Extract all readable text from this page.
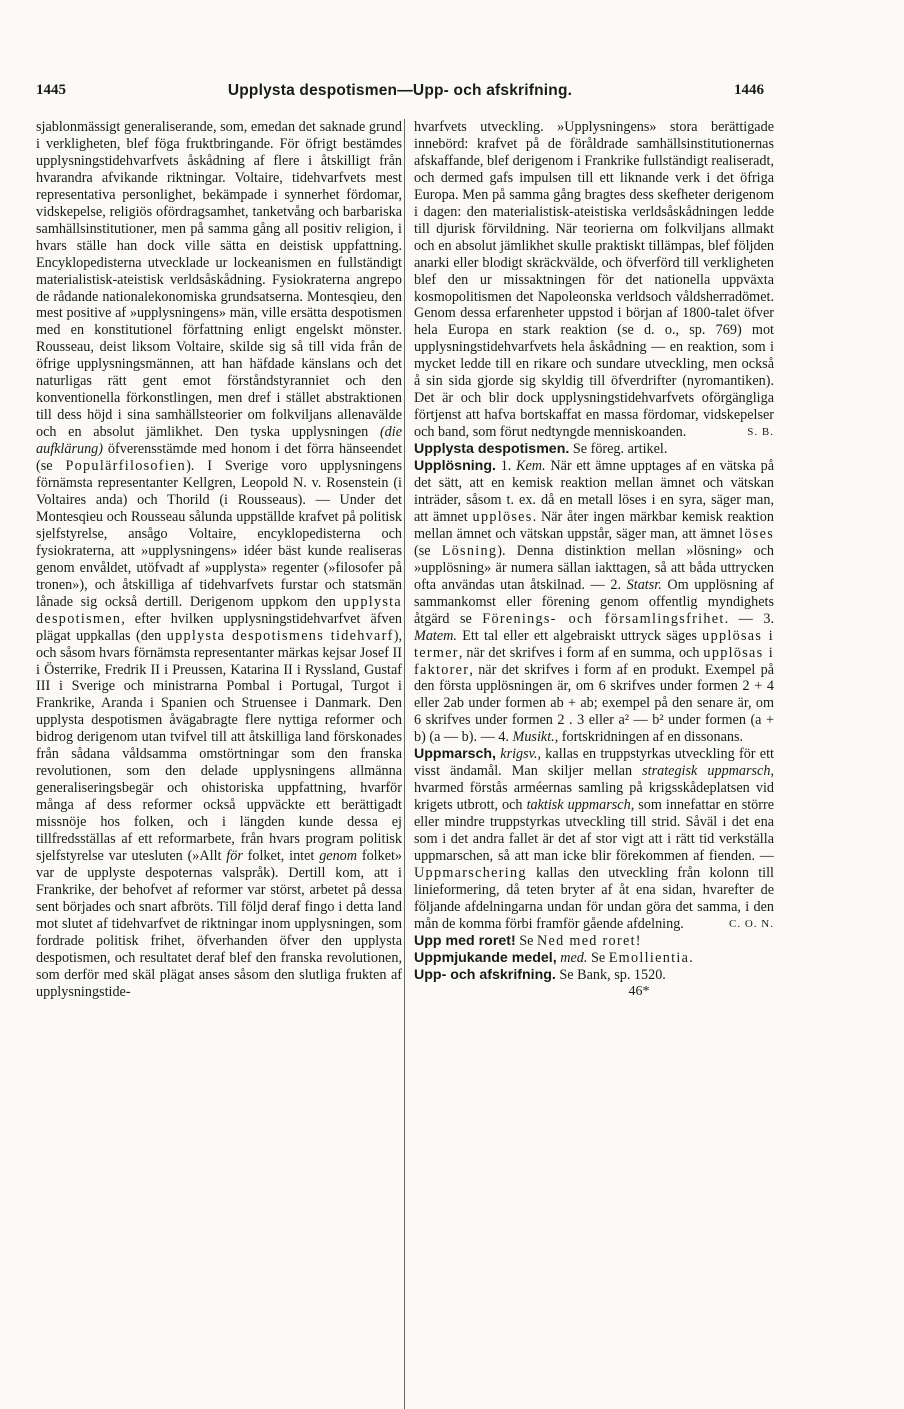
1445	Upplysta despotismen—Upp- och afskrifning.	1446

sjablonmässigt generaliserande, som, emedan det saknade grund i verkligheten, blef föga fruktbringande. För öfrigt bestämdes upplysningstidehvarfvets åskådning af flere i åtskilligt från hvarandra afvikande riktningar. Voltaire, tidehvarfvets mest representativa personlighet, bekämpade i synnerhet fördomar, vidskepelse, religiös ofördragsamhet, tanketvång och barbariska samhällsinstitutioner, men på samma gång all positiv religion, i hvars ställe han dock ville sätta en deistisk uppfattning. Encyklopedisterna utvecklade ur lockeanismen en fullständigt materialistisk-ateistisk verldsåskådning. Fysiokraterna angrepo de rådande nationalekonomiska grundsatserna. Montesqieu, den mest positive af »upplysningens» män, ville ersätta despotismen med en konstitutionel författning enligt engelskt mönster. Rousseau, deist liksom Voltaire, skilde sig så till vida från de öfrige upplysningsmännen, att han häfdade känslans och det naturligas rätt gent emot förståndstyranniet och den konventionella förkonstlingen, men dref i stället abstraktionen till dess höjd i sina samhällsteorier om folkviljans allenavälde och en absolut jämlikhet. Den tyska upplysningen (die aufklärung) öfverensstämde med honom i det förra hänseendet (se Populärfilosofien). I Sverige voro upplysningens förnämsta representanter Kellgren, Leopold N. v. Rosenstein (i Voltaires anda) och Thorild (i Rousseaus). — Under det Montesqieu och Rousseau sålunda uppställde krafvet på politisk sjelfstyrelse, ansågo Voltaire, encyklopedisterna och fysiokraterna, att »upplysningens» idéer bäst kunde realiseras genom envåldet, utöfvadt af »upplysta» regenter (»filosofer på tronen»), och åtskilliga af tidehvarfvets furstar och statsmän lånade sig också dertill. Derigenom uppkom den upplysta despotismen, efter hvilken upplysningstidehvarfvet äfven plägat uppkallas (den upplysta despotismens tidehvarf), och såsom hvars förnämsta representanter märkas kejsar Josef II i Österrike, Fredrik II i Preussen, Katarina II i Ryssland, Gustaf III i Sverige och ministrarna Pombal i Portugal, Turgot i Frankrike, Aranda i Spanien och Struensee i Danmark. Den upplysta despotismen åvägabragte flere nyttiga reformer och bidrog derigenom utan tvifvel till att åtskilliga land förskonades från sådana våldsamma omstörtningar som den franska revolutionen, som den delade upplysningens allmänna generaliseringsbegär och ohistoriska uppfattning, hvarför många af dess reformer också uppväckte ett berättigadt missnöje hos folken, och i längden kunde dessa ej tillfredsställas af ett reformarbete, från hvars program politisk sjelfstyrelse var utesluten (»Allt för folket, intet genom folket» var de upplyste despoternas valspråk). Dertill kom, att i Frankrike, der behofvet af reformer var störst, arbetet på dessa sent börjades och snart afbröts. Till följd deraf fingo i detta land mot slutet af tidehvarfvet de riktningar inom upplysningen, som fordrade politisk frihet, öfverhanden öfver den upplysta despotismen, och resultatet deraf blef den franska revolutionen, som derför med skäl plägat anses såsom den slutliga frukten af upplysningstide-

hvarfvets utveckling. »Upplysningens» stora berättigade innebörd: krafvet på de föråldrade samhällsinstitutionernas afskaffande, blef derigenom i Frankrike fullständigt realiseradt, och dermed gafs impulsen till ett liknande verk i det öfriga Europa. Men på samma gång bragtes dess skefheter derigenom i dagen: den materialistisk-ateistiska verldsåskådningen ledde till djurisk förvildning. När teorierna om folkviljans allmakt och en absolut jämlikhet skulle praktiskt tillämpas, blef följden anarki eller blodigt skräckvälde, och öfverförd till verkligheten blef den ur missaktningen för det nationella uppväxta kosmopolitismen det Napoleonska verldsoch våldsherradömet. Genom dessa erfarenheter uppstod i början af 1800-talet öfver hela Europa en stark reaktion (se d. o., sp. 769) mot upplysningstidehvarfvets hela åskådning — en reaktion, som i mycket ledde till en rikare och sundare utveckling, men också å sin sida gjorde sig skyldig till öfverdrifter (nyromantiken). Det är och blir dock upplysningstidehvarfvets oförgängliga förtjenst att hafva bortskaffat en massa fördomar, vidskepelser och band, som förut nedtyngde menniskoanden.	S. B.

Upplysta despotismen. Se föreg. artikel.

Upplösning. 1. Kem. När ett ämne upptages af en vätska på det sätt, att en kemisk reaktion mellan ämnet och vätskan inträder, såsom t. ex. då en metall löses i en syra, säger man, att ämnet upplöses. När åter ingen märkbar kemisk reaktion mellan ämnet och vätskan uppstår, säger man, att ämnet löses (se Lösning). Denna distinktion mellan »lösning» och »upplösning» är numera sällan iakttagen, så att båda uttrycken ofta användas utan åtskilnad. — 2. Statsr. Om upplösning af sammankomst eller förening genom offentlig myndighets åtgärd se Förenings- och församlingsfrihet. — 3. Matem. Ett tal eller ett algebraiskt uttryck säges upplösas i termer, när det skrifves i form af en summa, och upplösas i faktorer, när det skrifves i form af en produkt. Exempel på den första upplösningen är, om 6 skrifves under formen 2 + 4 eller 2ab under formen ab + ab; exempel på den senare är, om 6 skrifves under formen 2 . 3 eller a² — b² under formen (a + b) (a — b). — 4. Musikt., fortskridningen af en dissonans.

Uppmarsch, krigsv., kallas en truppstyrkas utveckling för ett visst ändamål. Man skiljer mellan strategisk uppmarsch, hvarmed förstås arméernas samling på krigsskådeplatsen vid krigets utbrott, och taktisk uppmarsch, som innefattar en större eller mindre truppstyrkas utveckling till strid. Såväl i det ena som i det andra fallet är det af stor vigt att i rätt tid verkställa uppmarschen, så att man icke blir förekommen af fienden. — Uppmarschering kallas den utveckling från kolonn till linieformering, då teten bryter af åt ena sidan, hvarefter de följande afdelningarna undan för undan göra det samma, i den mån de komma förbi framför gående afdelning.	C. O. N.

Upp med roret! Se Ned med roret!

Uppmjukande medel, med. Se Emollientia.

Upp- och afskrifning. Se Bank, sp. 1520.

46*
